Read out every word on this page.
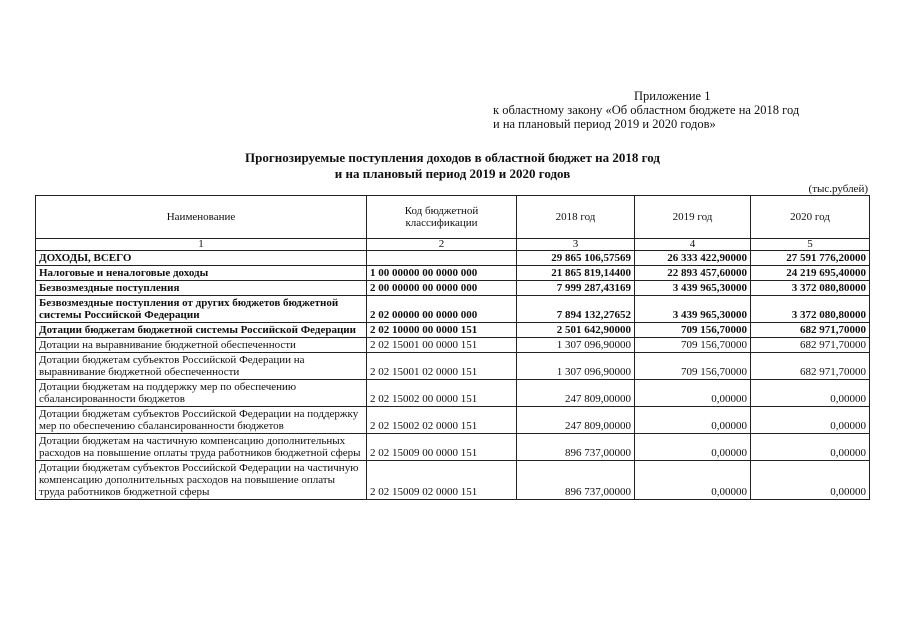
Приложение 1
к областному закону «Об областном бюджете на 2018 год
и на плановый период 2019 и 2020 годов»
Прогнозируемые поступления доходов в областной бюджет на 2018 год
и на плановый период 2019 и 2020 годов
(тыс.рублей)
Наименование	Код бюджетной классификации	2018 год	2019 год	2020 год
1	2	3	4	5
ДОХОДЫ, ВСЕГО		29 865 106,57569	26 333 422,90000	27 591 776,20000
Налоговые и неналоговые доходы	1 00 00000 00 0000 000	21 865 819,14400	22 893 457,60000	24 219 695,40000
Безвозмездные поступления	2 00 00000 00 0000 000	7 999 287,43169	3 439 965,30000	3 372 080,80000
Безвозмездные поступления от других бюджетов бюджетной системы Российской Федерации	2 02 00000 00 0000 000	7 894 132,27652	3 439 965,30000	3 372 080,80000
Дотации бюджетам бюджетной системы Российской Федерации	2 02 10000 00 0000 151	2 501 642,90000	709 156,70000	682 971,70000
Дотации на выравнивание бюджетной обеспеченности	2 02 15001 00 0000 151	1 307 096,90000	709 156,70000	682 971,70000
Дотации бюджетам субъектов Российской Федерации на выравнивание бюджетной обеспеченности	2 02 15001 02 0000 151	1 307 096,90000	709 156,70000	682 971,70000
Дотации бюджетам на поддержку мер по обеспечению сбалансированности бюджетов	2 02 15002 00 0000 151	247 809,00000	0,00000	0,00000
Дотации бюджетам субъектов Российской Федерации на поддержку мер по обеспечению сбалансированности бюджетов	2 02 15002 02 0000 151	247 809,00000	0,00000	0,00000
Дотации бюджетам на частичную компенсацию дополнительных расходов на повышение оплаты труда работников бюджетной сферы	2 02 15009 00 0000 151	896 737,00000	0,00000	0,00000
Дотации бюджетам субъектов Российской Федерации на частичную компенсацию дополнительных расходов на повышение оплаты труда работников бюджетной сферы	2 02 15009 02 0000 151	896 737,00000	0,00000	0,00000
